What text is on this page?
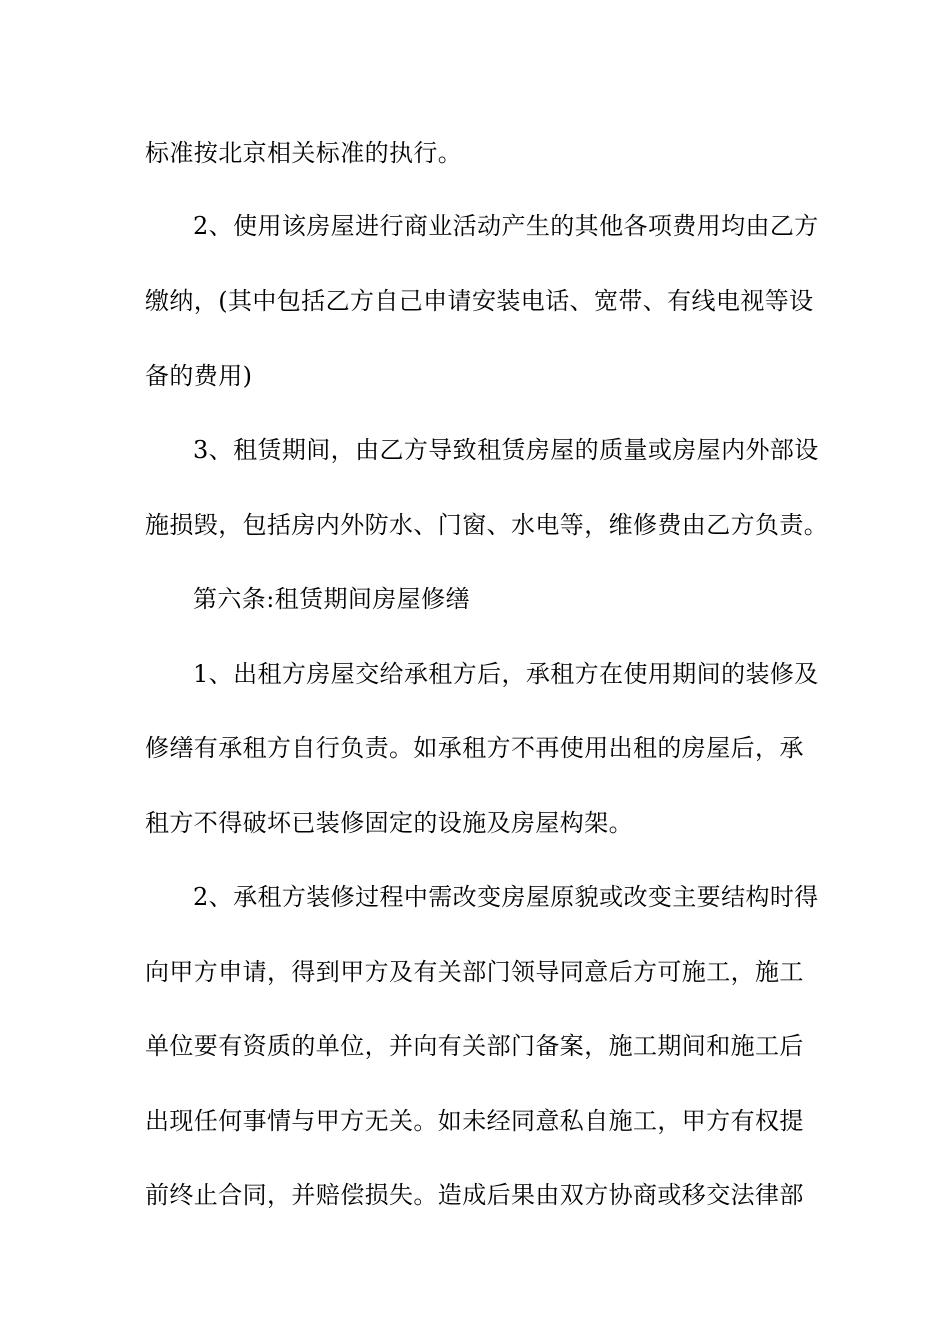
标准按北京相关标准的执行。
2、使用该房屋进行商业活动产生的其他各项费用均由乙方
缴纳，(其中包括乙方自己申请安装电话、宽带、有线电视等设
备的费用)
3、租赁期间，由乙方导致租赁房屋的质量或房屋内外部设
施损毁，包括房内外防水、门窗、水电等，维修费由乙方负责。
第六条:租赁期间房屋修缮
1、出租方房屋交给承租方后，承租方在使用期间的装修及
修缮有承租方自行负责。如承租方不再使用出租的房屋后，承
租方不得破坏已装修固定的设施及房屋构架。
2、承租方装修过程中需改变房屋原貌或改变主要结构时得
向甲方申请，得到甲方及有关部门领导同意后方可施工，施工
单位要有资质的单位，并向有关部门备案，施工期间和施工后
出现任何事情与甲方无关。如未经同意私自施工，甲方有权提
前终止合同，并赔偿损失。造成后果由双方协商或移交法律部
